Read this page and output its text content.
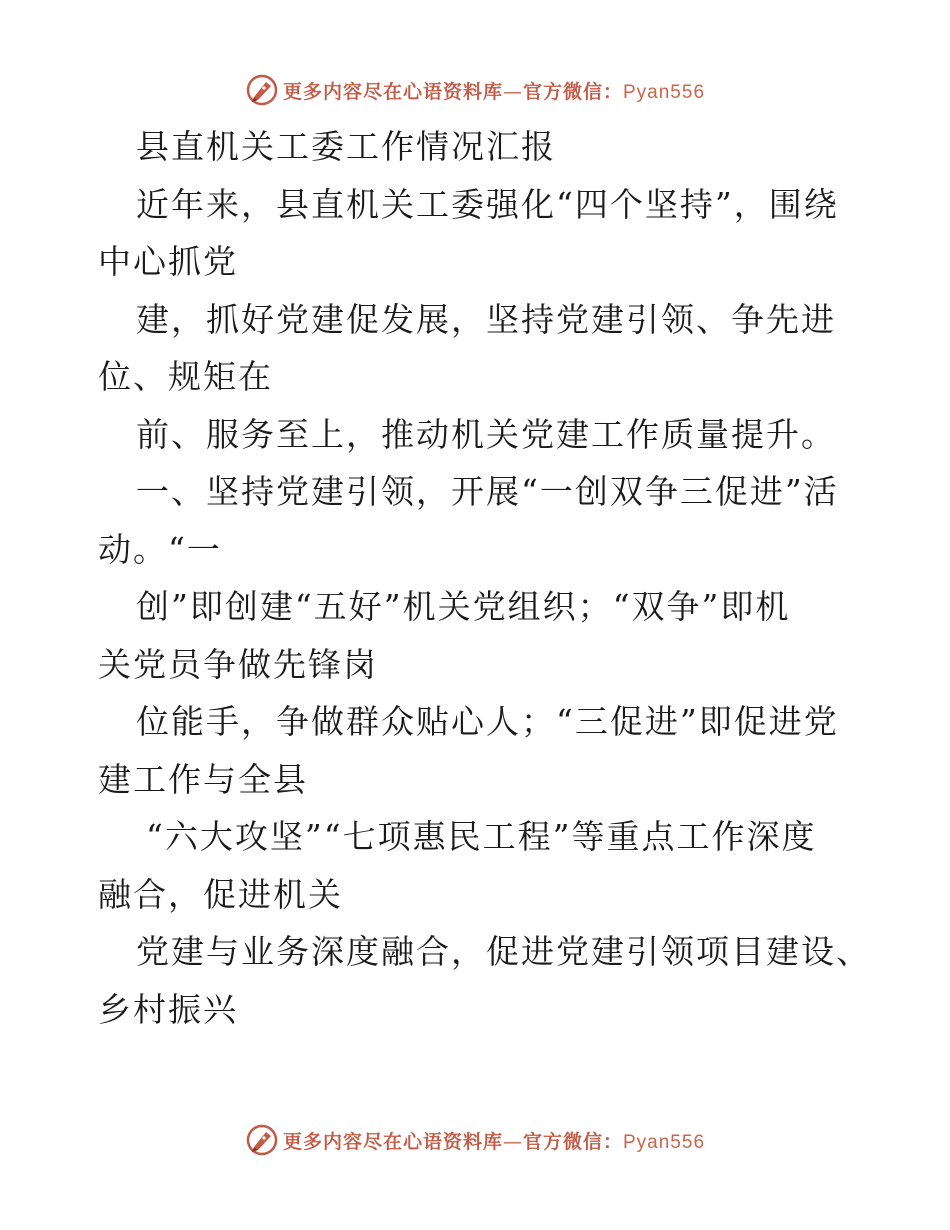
更多内容尽在心语资料库—官方微信：Pyan556
县直机关工委工作情况汇报
近年来，县直机关工委强化“四个坚持”，围绕
中心抓党
建，抓好党建促发展，坚持党建引领、争先进
位、规矩在
前、服务至上，推动机关党建工作质量提升。
一、坚持党建引领，开展“一创双争三促进”活
动。“一
创”即创建“五好”机关党组织；“双争”即机
关党员争做先锋岗
位能手，争做群众贴心人；“三促进”即促进党
建工作与全县
“六大攻坚”“七项惠民工程”等重点工作深度
融合，促进机关
党建与业务深度融合，促进党建引领项目建设、
乡村振兴
更多内容尽在心语资料库—官方微信：Pyan556
